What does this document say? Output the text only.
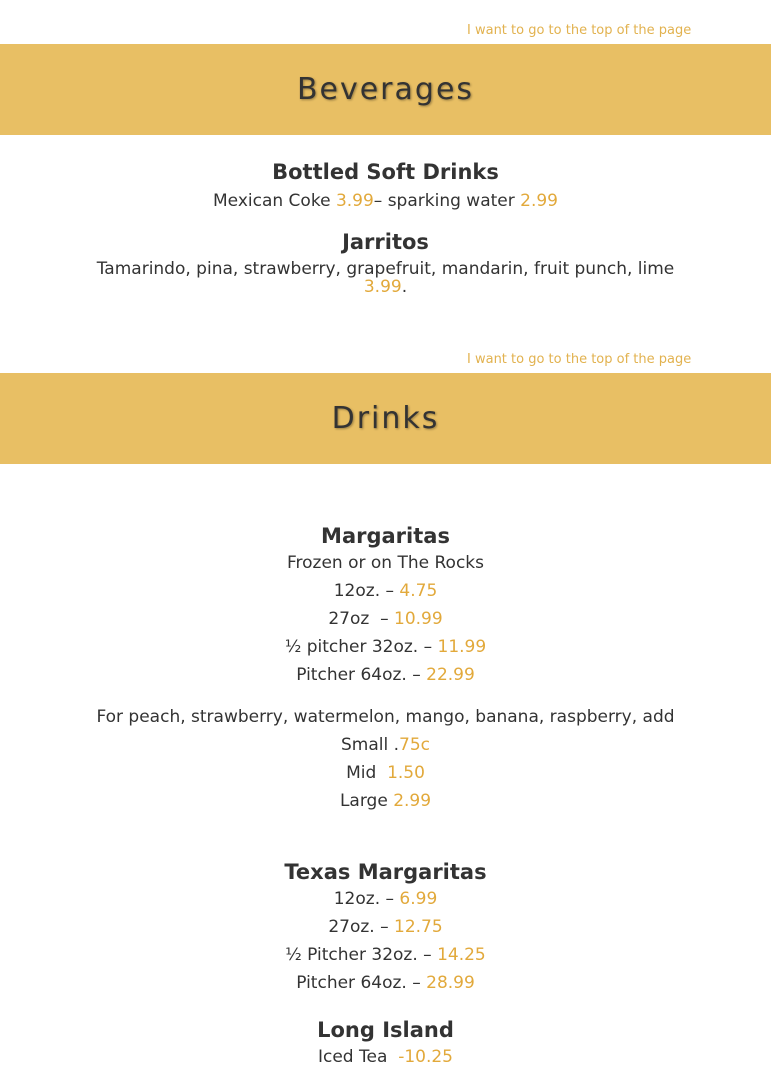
I want to go to the top of the page
Beverages
Bottled Soft Drinks
Mexican Coke 3.99– sparking water 2.99
Jarritos
Tamarindo, pina, strawberry, grapefruit, mandarin, fruit punch, lime
3.99.
I want to go to the top of the page
Drinks
Margaritas
Frozen or on The Rocks
12oz. – 4.75
27oz  – 10.99
½ pitcher 32oz. – 11.99
Pitcher 64oz. – 22.99
For peach, strawberry, watermelon, mango, banana, raspberry, add
Small .75c
Mid  1.50
Large 2.99
Texas Margaritas
12oz. – 6.99
27oz. – 12.75
½ Pitcher 32oz. – 14.25
Pitcher 64oz. – 28.99
Long Island
Iced Tea  -10.25
